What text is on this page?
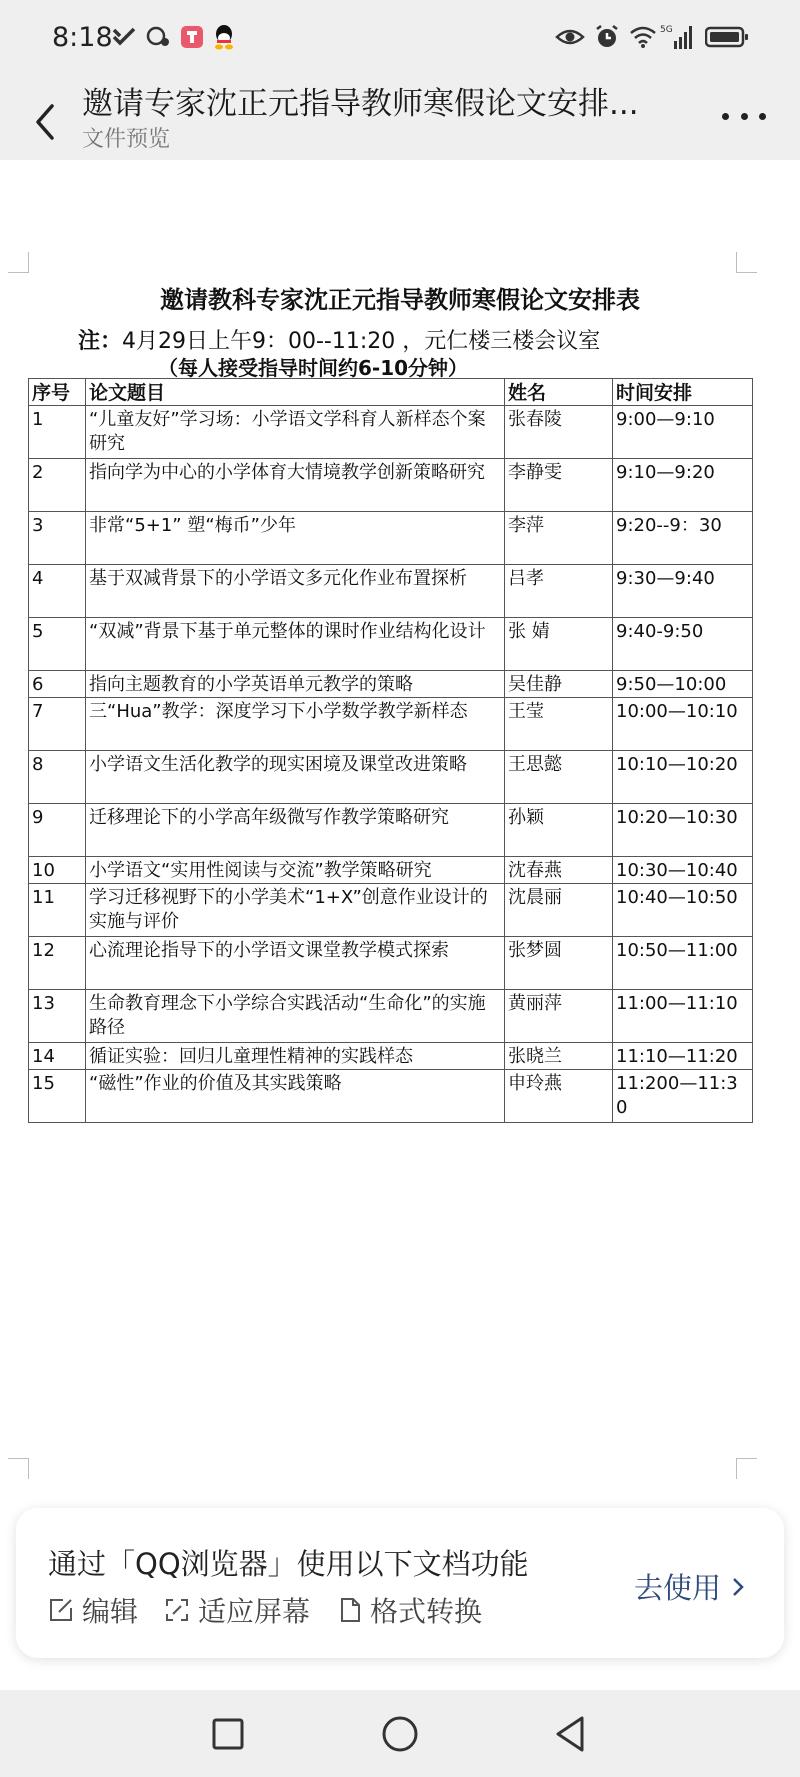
8:18	5G
邀请专家沈正元指导教师寒假论文安排...
文件预览
邀请教科专家沈正元指导教师寒假论文安排表
注：4月29日上午9：00--11:20 ，元仁楼三楼会议室
（每人接受指导时间约6-10分钟）
序号	论文题目	姓名	时间安排
1	“儿童友好”学习场：小学语文学科育人新样态个案研究	张春陵	9:00—9:10
2	指向学为中心的小学体育大情境教学创新策略研究	李静雯	9:10—9:20
3	非常“5+1” 塑“梅币”少年	李萍	9:20--9：30
4	基于双减背景下的小学语文多元化作业布置探析	吕孝	9:30—9:40
5	“双减”背景下基于单元整体的课时作业结构化设计	张 婧	9:40-9:50
6	指向主题教育的小学英语单元教学的策略	吴佳静	9:50—10:00
7	三“Hua”教学：深度学习下小学数学教学新样态	王莹	10:00—10:10
8	小学语文生活化教学的现实困境及课堂改进策略	王思懿	10:10—10:20
9	迁移理论下的小学高年级微写作教学策略研究	孙颖	10:20—10:30
10	小学语文“实用性阅读与交流”教学策略研究	沈春燕	10:30—10:40
11	学习迁移视野下的小学美术“1+X”创意作业设计的实施与评价	沈晨丽	10:40—10:50
12	心流理论指导下的小学语文课堂教学模式探索	张梦圆	10:50—11:00
13	生命教育理念下小学综合实践活动“生命化”的实施路径	黄丽萍	11:00—11:10
14	循证实验：回归儿童理性精神的实践样态	张晓兰	11:10—11:20
15	“磁性”作业的价值及其实践策略	申玲燕	11:200—11:30
通过「QQ浏览器」使用以下文档功能
编辑 适应屏幕 格式转换
去使用
